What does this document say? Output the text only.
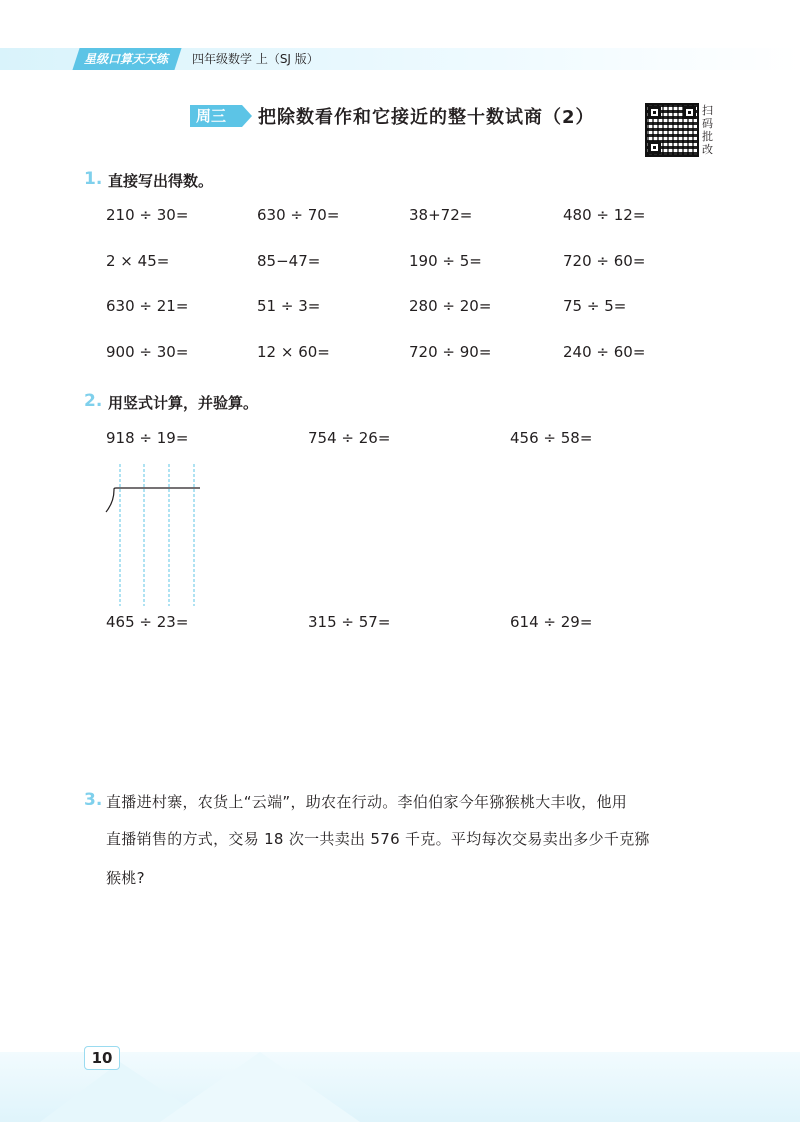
星级口算天天练	四年级数学 上（SJ 版）
周三	把除数看作和它接近的整十数试商（2）	扫码批改
1. 直接写出得数。
210 ÷ 30=	630 ÷ 70=	38+72=	480 ÷ 12=
2 × 45=	85−47=	190 ÷ 5=	720 ÷ 60=
630 ÷ 21=	51 ÷ 3=	280 ÷ 20=	75 ÷ 5=
900 ÷ 30=	12 × 60=	720 ÷ 90=	240 ÷ 60=
2. 用竖式计算，并验算。
918 ÷ 19=	754 ÷ 26=	456 ÷ 58=
465 ÷ 23=	315 ÷ 57=	614 ÷ 29=
3. 直播进村寨，农货上“云端”，助农在行动。李伯伯家今年猕猴桃大丰收，他用
直播销售的方式，交易 18 次一共卖出 576 千克。平均每次交易卖出多少千克猕
猴桃?
10
